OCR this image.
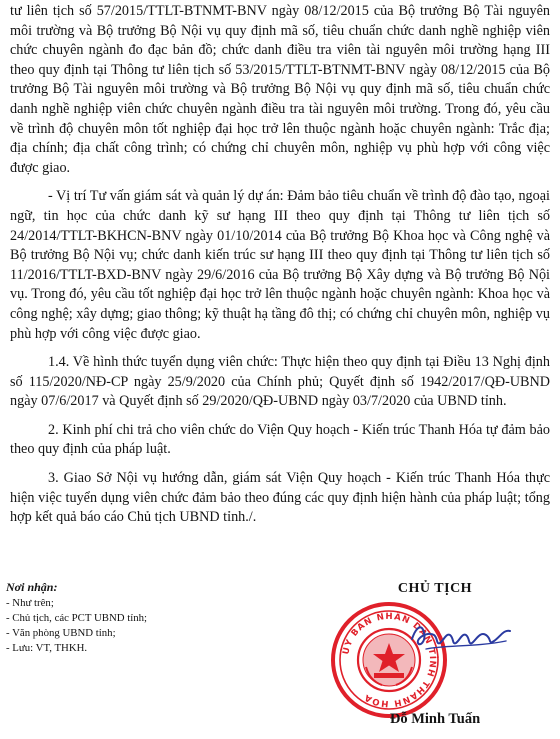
tư liên tịch số 57/2015/TTLT-BTNMT-BNV ngày 08/12/2015 của Bộ trưởng Bộ Tài nguyên môi trường và Bộ trưởng Bộ Nội vụ quy định mã số, tiêu chuẩn chức danh nghề nghiệp viên chức chuyên ngành đo đạc bản đồ; chức danh điều tra viên tài nguyên môi trường hạng III theo quy định tại Thông tư liên tịch số 53/2015/TTLT-BTNMT-BNV ngày 08/12/2015 của Bộ trưởng Bộ Tài nguyên môi trường và Bộ trưởng Bộ Nội vụ quy định mã số, tiêu chuẩn chức danh nghề nghiệp viên chức chuyên ngành điều tra tài nguyên môi trường. Trong đó, yêu cầu về trình độ chuyên môn tốt nghiệp đại học trở lên thuộc ngành hoặc chuyên ngành: Trắc địa; địa chính; địa chất công trình; có chứng chỉ chuyên môn, nghiệp vụ phù hợp với công việc được giao.

- Vị trí Tư vấn giám sát và quản lý dự án: Đảm bảo tiêu chuẩn về trình độ đào tạo, ngoại ngữ, tin học của chức danh kỹ sư hạng III theo quy định tại Thông tư liên tịch số 24/2014/TTLT-BKHCN-BNV ngày 01/10/2014 của Bộ trưởng Bộ Khoa học và Công nghệ và Bộ trưởng Bộ Nội vụ; chức danh kiến trúc sư hạng III theo quy định tại Thông tư liên tịch số 11/2016/TTLT-BXD-BNV ngày 29/6/2016 của Bộ trưởng Bộ Xây dựng và Bộ trưởng Bộ Nội vụ. Trong đó, yêu cầu tốt nghiệp đại học trở lên thuộc ngành hoặc chuyên ngành: Khoa học và công nghệ; xây dựng; giao thông; kỹ thuật hạ tầng đô thị; có chứng chỉ chuyên môn, nghiệp vụ phù hợp với công việc được giao.

1.4. Về hình thức tuyển dụng viên chức: Thực hiện theo quy định tại Điều 13 Nghị định số 115/2020/NĐ-CP ngày 25/9/2020 của Chính phủ; Quyết định số 1942/2017/QĐ-UBND ngày 07/6/2017 và Quyết định số 29/2020/QĐ-UBND ngày 03/7/2020 của UBND tỉnh.

2. Kinh phí chi trả cho viên chức do Viện Quy hoạch - Kiến trúc Thanh Hóa tự đảm bảo theo quy định của pháp luật.

3. Giao Sở Nội vụ hướng dẫn, giám sát Viện Quy hoạch - Kiến trúc Thanh Hóa thực hiện việc tuyển dụng viên chức đảm bảo theo đúng các quy định hiện hành của pháp luật; tổng hợp kết quả báo cáo Chủ tịch UBND tỉnh./.

Nơi nhận:
- Như trên;
- Chủ tịch, các PCT UBND tỉnh;
- Văn phòng UBND tỉnh;
- Lưu: VT, THKH.
CHỦ TỊCH
ỦY BAN NHÂN DÂN TỈNH THANH HÓA
Đỗ Minh Tuấn
